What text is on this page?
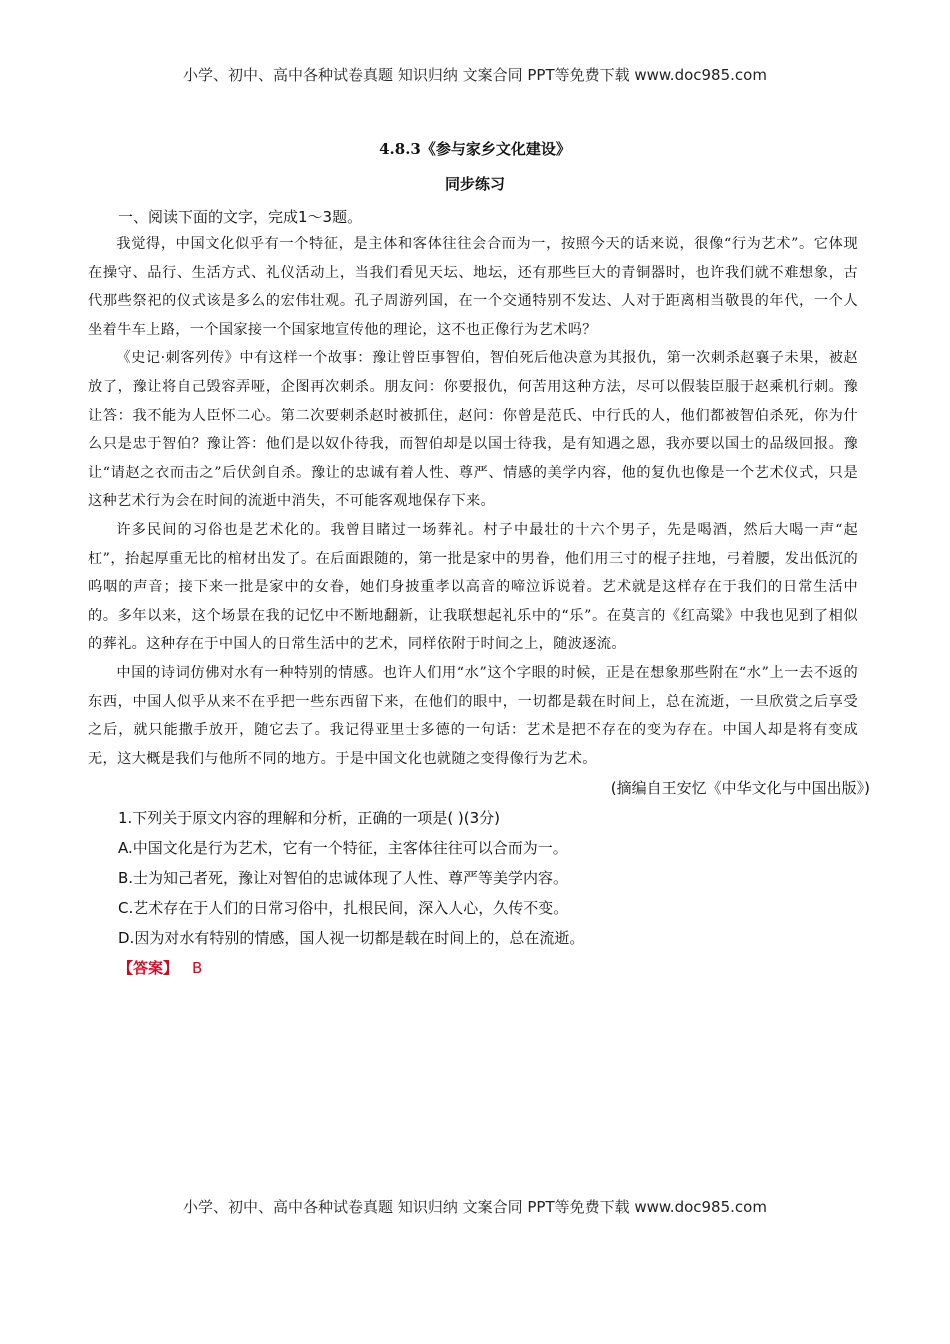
小学、初中、高中各种试卷真题 知识归纳 文案合同 PPT等免费下载 www.doc985.com
4.8.3《参与家乡文化建设》
同步练习

一、阅读下面的文字，完成1～3题。

我觉得，中国文化似乎有一个特征，是主体和客体往往会合而为一，按照今天的话来说，很像“行为艺术”。它体现在操守、品行、生活方式、礼仪活动上，当我们看见天坛、地坛，还有那些巨大的青铜器时，也许我们就不难想象，古代那些祭祀的仪式该是多么的宏伟壮观。孔子周游列国，在一个交通特别不发达、人对于距离相当敬畏的年代，一个人坐着牛车上路，一个国家接一个国家地宣传他的理论，这不也正像行为艺术吗？

《史记·刺客列传》中有这样一个故事：豫让曾臣事智伯，智伯死后他决意为其报仇，第一次刺杀赵襄子未果，被赵放了，豫让将自己毁容弄哑，企图再次刺杀。朋友问：你要报仇，何苦用这种方法，尽可以假装臣服于赵乘机行刺。豫让答：我不能为人臣怀二心。第二次要刺杀赵时被抓住，赵问：你曾是范氏、中行氏的人，他们都被智伯杀死，你为什么只是忠于智伯？豫让答：他们是以奴仆待我，而智伯却是以国士待我，是有知遇之恩，我亦要以国士的品级回报。豫让“请赵之衣而击之”后伏剑自杀。豫让的忠诚有着人性、尊严、情感的美学内容，他的复仇也像是一个艺术仪式，只是这种艺术行为会在时间的流逝中消失，不可能客观地保存下来。

许多民间的习俗也是艺术化的。我曾目睹过一场葬礼。村子中最壮的十六个男子，先是喝酒，然后大喝一声“起杠”，抬起厚重无比的棺材出发了。在后面跟随的，第一批是家中的男眷，他们用三寸的棍子拄地，弓着腰，发出低沉的呜咽的声音；接下来一批是家中的女眷，她们身披重孝以高音的啼泣诉说着。艺术就是这样存在于我们的日常生活中的。多年以来，这个场景在我的记忆中不断地翻新，让我联想起礼乐中的“乐”。在莫言的《红高粱》中我也见到了相似的葬礼。这种存在于中国人的日常生活中的艺术，同样依附于时间之上，随波逐流。

中国的诗词仿佛对水有一种特别的情感。也许人们用“水”这个字眼的时候，正是在想象那些附在“水”上一去不返的东西，中国人似乎从来不在乎把一些东西留下来，在他们的眼中，一切都是载在时间上，总在流逝，一旦欣赏之后享受之后，就只能撒手放开，随它去了。我记得亚里士多德的一句话：艺术是把不存在的变为存在。中国人却是将有变成无，这大概是我们与他所不同的地方。于是中国文化也就随之变得像行为艺术。

(摘编自王安忆《中华文化与中国出版》)

1.下列关于原文内容的理解和分析，正确的一项是( )(3分)

A.中国文化是行为艺术，它有一个特征，主客体往往可以合而为一。

B.士为知己者死，豫让对智伯的忠诚体现了人性、尊严等美学内容。

C.艺术存在于人们的日常习俗中，扎根民间，深入人心，久传不变。

D.因为对水有特别的情感，国人视一切都是载在时间上的，总在流逝。

【答案】 B

小学、初中、高中各种试卷真题 知识归纳 文案合同 PPT等免费下载 www.doc985.com
